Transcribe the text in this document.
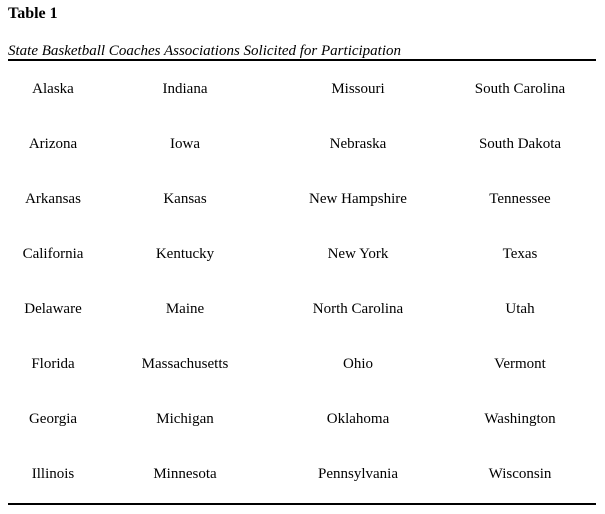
Table 1
State Basketball Coaches Associations Solicited for Participation
Alaska	Indiana	Missouri	South Carolina
Arizona	Iowa	Nebraska	South Dakota
Arkansas	Kansas	New Hampshire	Tennessee
California	Kentucky	New York	Texas
Delaware	Maine	North Carolina	Utah
Florida	Massachusetts	Ohio	Vermont
Georgia	Michigan	Oklahoma	Washington
Illinois	Minnesota	Pennsylvania	Wisconsin
